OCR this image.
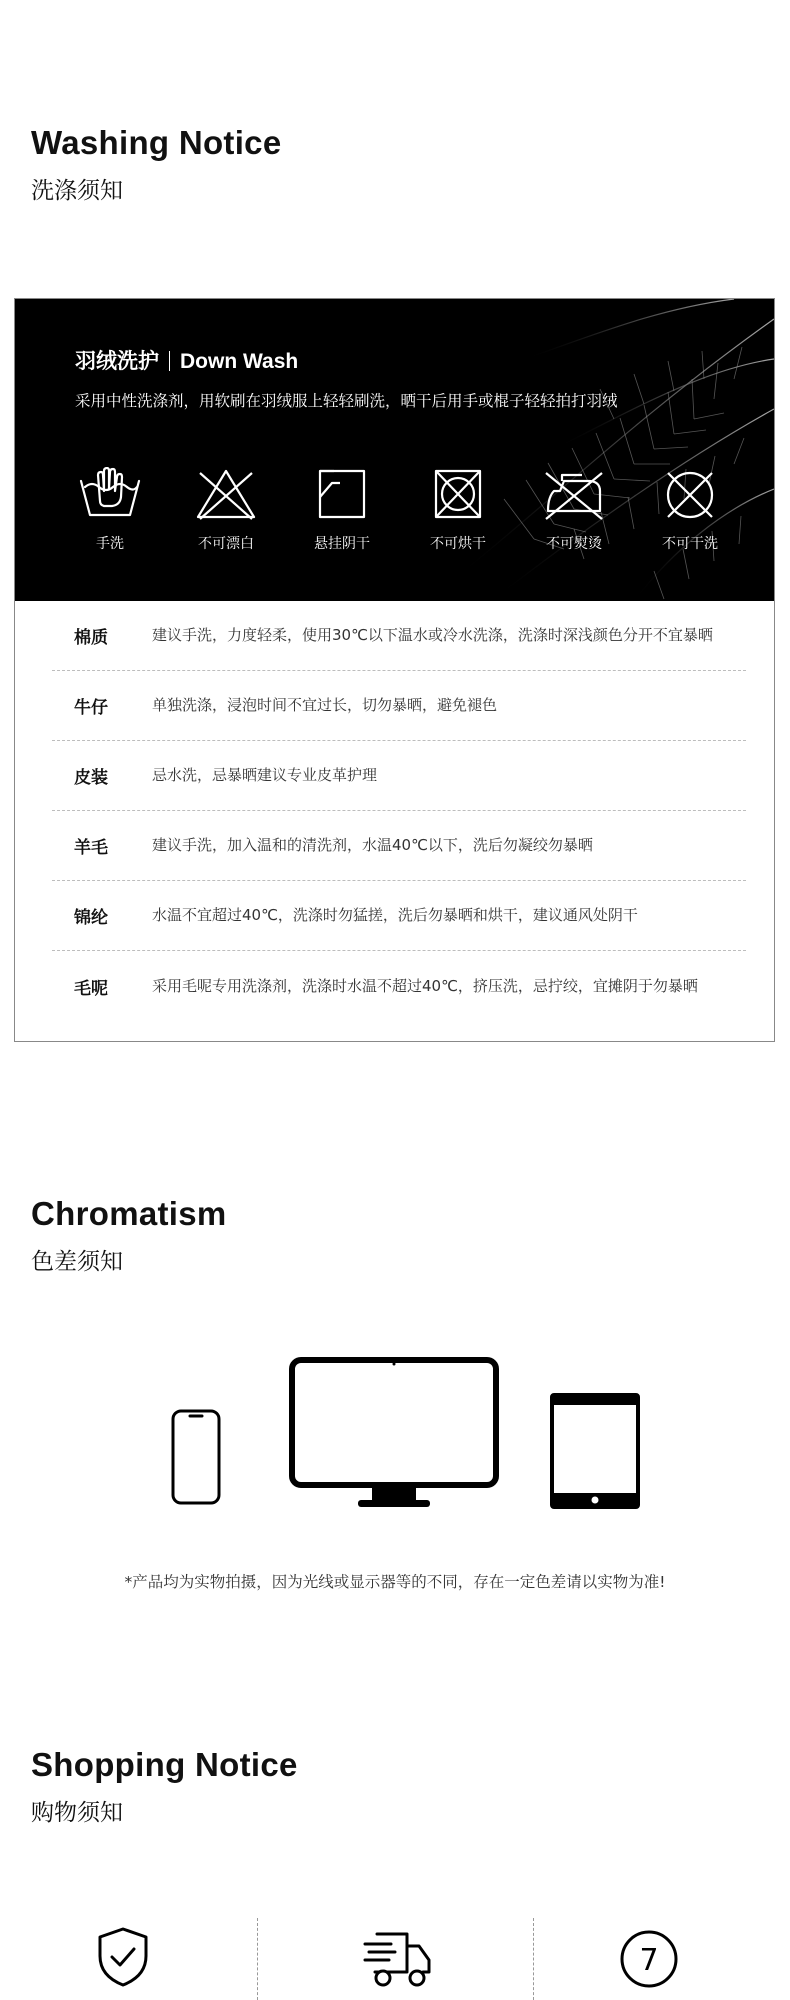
Washing Notice
洗涤须知
羽绒洗护 Down Wash
采用中性洗涤剂，用软刷在羽绒服上轻轻刷洗，晒干后用手或棍子轻轻拍打羽绒
手洗	不可漂白	悬挂阴干	不可烘干	不可熨烫	不可干洗
棉质	建议手洗，力度轻柔，使用30℃以下温水或冷水洗涤，洗涤时深浅颜色分开不宜暴晒
牛仔	单独洗涤，浸泡时间不宜过长，切勿暴晒，避免褪色
皮装	忌水洗，忌暴晒建议专业皮革护理
羊毛	建议手洗，加入温和的清洗剂，水温40℃以下，洗后勿凝绞勿暴晒
锦纶	水温不宜超过40℃，洗涤时勿猛搓，洗后勿暴晒和烘干，建议通风处阴干
毛呢	采用毛呢专用洗涤剂，洗涤时水温不超过40℃，挤压洗，忌拧绞，宜摊阴于勿暴晒
Chromatism
色差须知
*产品均为实物拍摄，因为光线或显示器等的不同，存在一定色差请以实物为准!
Shopping Notice
购物须知
7
